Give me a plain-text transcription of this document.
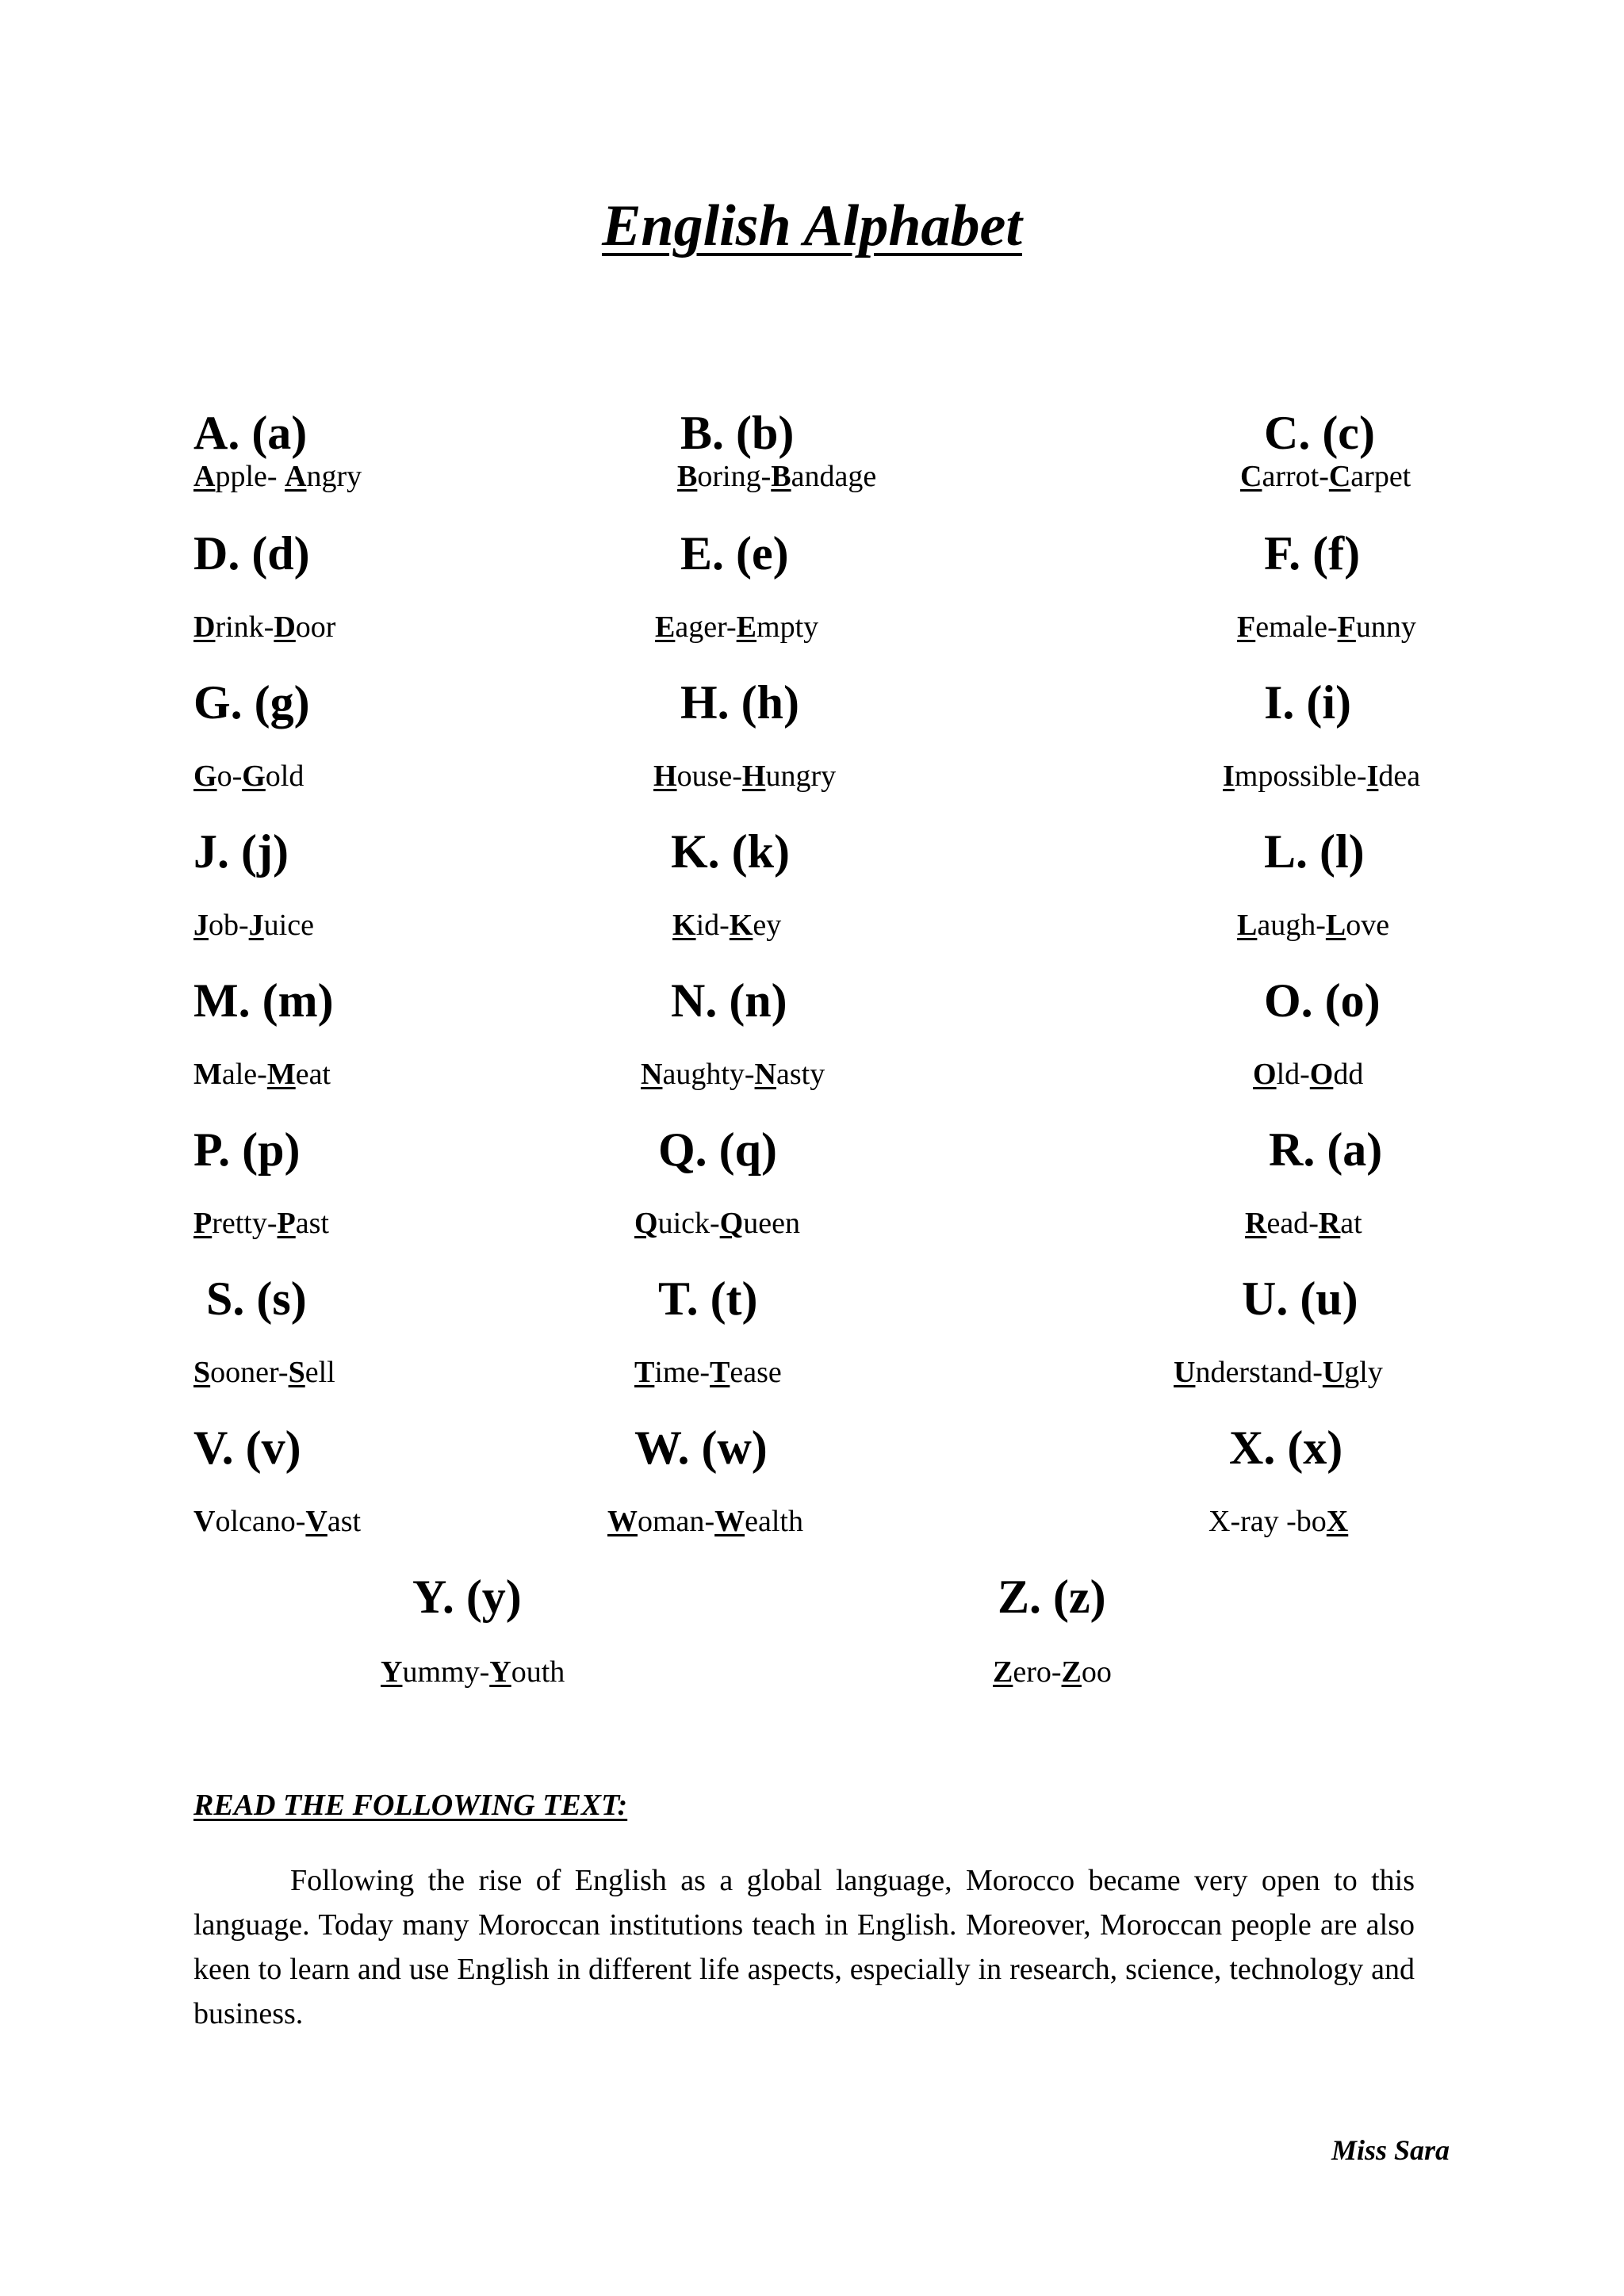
English Alphabet
A. (a)
Apple- Angry
B. (b)
Boring-Bandage
C. (c)
Carrot-Carpet
D. (d)
Drink-Door
E. (e)
Eager-Empty
F. (f)
Female-Funny
G. (g)
Go-Gold
H. (h)
House-Hungry
I. (i)
Impossible-Idea
J. (j)
Job-Juice
K. (k)
Kid-Key
L. (l)
Laugh-Love
M. (m)
Male-Meat
N. (n)
Naughty-Nasty
O. (o)
Old-Odd
P. (p)
Pretty-Past
Q. (q)
Quick-Queen
R. (a)
Read-Rat
S. (s)
Sooner-Sell
T. (t)
Time-Tease
U. (u)
Understand-Ugly
V. (v)
Volcano-Vast
W. (w)
Woman-Wealth
X. (x)
X-ray -boX
Y. (y)
Yummy-Youth
Z. (z)
Zero-Zoo
READ THE FOLLOWING TEXT:

Following the rise of English as a global language, Morocco became very open to this language. Today many Moroccan institutions teach in English. Moreover, Moroccan people are also keen to learn and use English in different life aspects, especially in research, science, technology and business.

Miss Sara
